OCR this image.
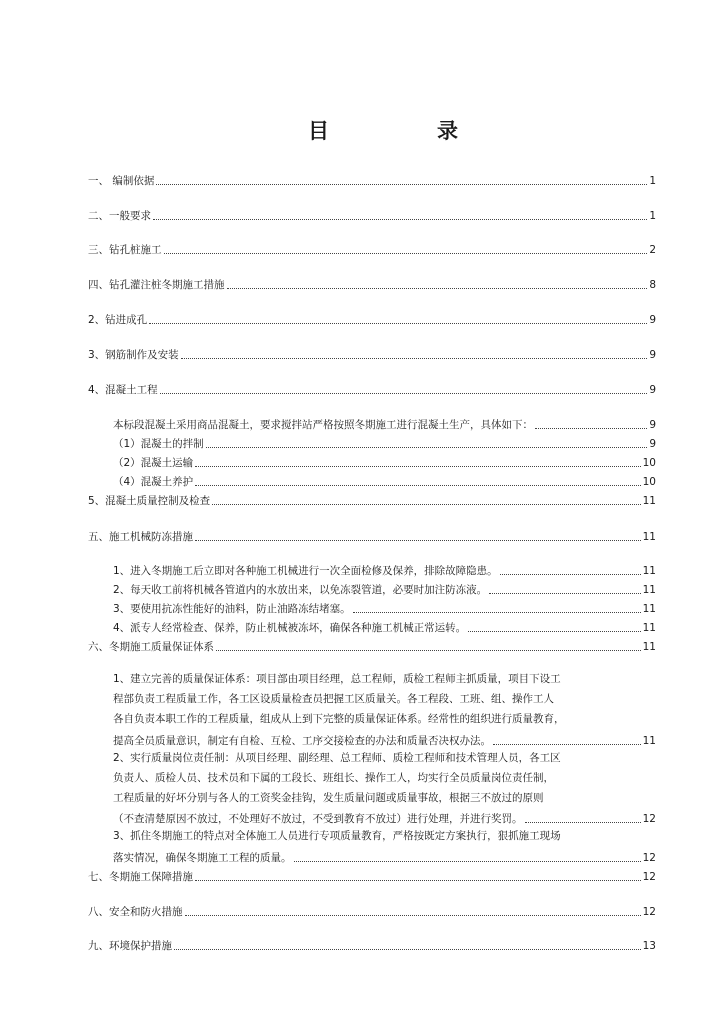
目	录
一、 编制依据	1
二、一般要求	1
三、钻孔桩施工	2
四、钻孔灌注桩冬期施工措施	8
2、钻进成孔	9
3、钢筋制作及安装	9
4、混凝土工程	9
本标段混凝土采用商品混凝土，要求搅拌站严格按照冬期施工进行混凝土生产，具体如下：	9
（1）混凝土的拌制	9
（2）混凝土运输	10
（4）混凝土养护	10
5、混凝土质量控制及检查	11
五、施工机械防冻措施	11
1、进入冬期施工后立即对各种施工机械进行一次全面检修及保养，排除故障隐患。	11
2、每天收工前将机械各管道内的水放出来，以免冻裂管道，必要时加注防冻液。	11
3、要使用抗冻性能好的油料，防止油路冻结堵塞。	11
4、派专人经常检查、保养，防止机械被冻坏，确保各种施工机械正常运转。	11
六、冬期施工质量保证体系	11
1、建立完善的质量保证体系：项目部由项目经理，总工程师，质检工程师主抓质量，项目下设工
程部负责工程质量工作，各工区设质量检查员把握工区质量关。各工程段、工班、组、操作工人
各自负责本职工作的工程质量，组成从上到下完整的质量保证体系。经常性的组织进行质量教育，
提高全员质量意识，制定有自检、互检、工序交接检查的办法和质量否决权办法。	11
2、实行质量岗位责任制：从项目经理、副经理、总工程师、质检工程师和技术管理人员，各工区
负责人、质检人员、技术员和下属的工段长、班组长、操作工人，均实行全员质量岗位责任制，
工程质量的好坏分别与各人的工资奖金挂钩，发生质量问题或质量事故，根据三不放过的原则
（不查清楚原因不放过，不处理好不放过，不受到教育不放过）进行处理，并进行奖罚。	12
3、抓住冬期施工的特点对全体施工人员进行专项质量教育，严格按既定方案执行，狠抓施工现场
落实情况，确保冬期施工工程的质量。	12
七、冬期施工保障措施	12
八、安全和防火措施	12
九、环境保护措施	13
